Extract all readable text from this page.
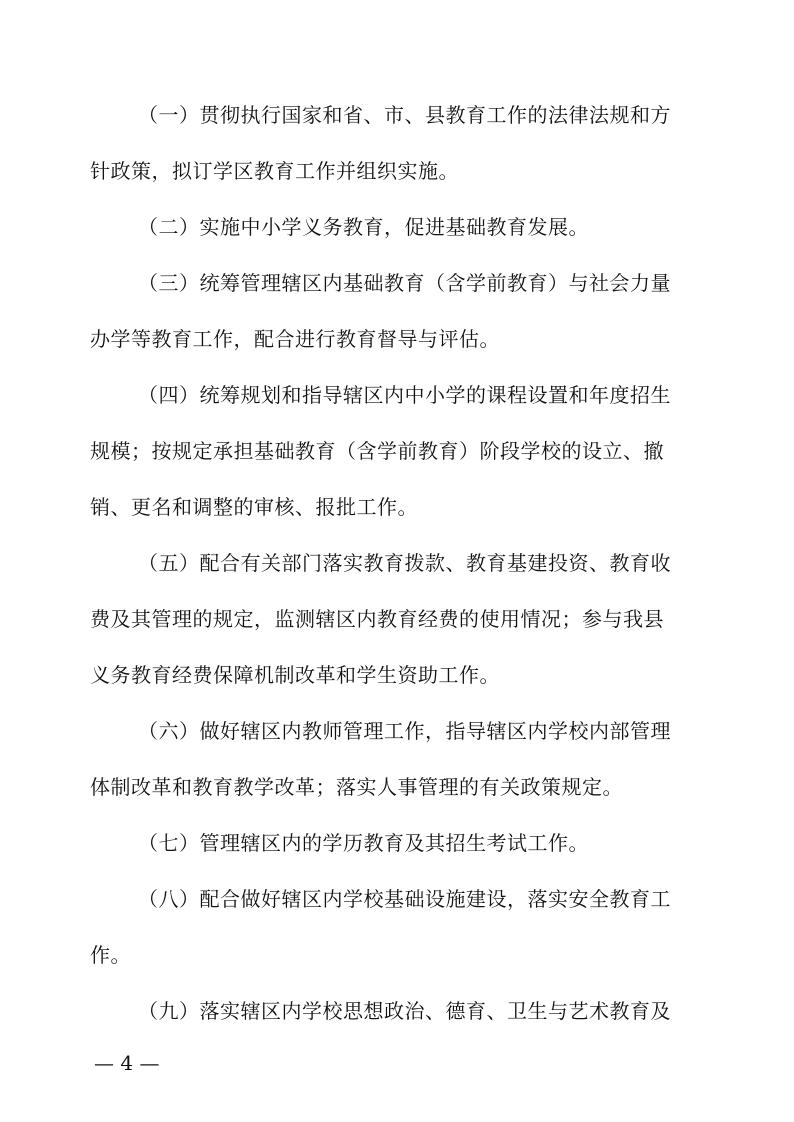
（一）贯彻执行国家和省、市、县教育工作的法律法规和方
针政策，拟订学区教育工作并组织实施。
（二）实施中小学义务教育，促进基础教育发展。
（三）统筹管理辖区内基础教育（含学前教育）与社会力量
办学等教育工作，配合进行教育督导与评估。
（四）统筹规划和指导辖区内中小学的课程设置和年度招生
规模；按规定承担基础教育（含学前教育）阶段学校的设立、撤
销、更名和调整的审核、报批工作。
（五）配合有关部门落实教育拨款、教育基建投资、教育收
费及其管理的规定，监测辖区内教育经费的使用情况；参与我县
义务教育经费保障机制改革和学生资助工作。
（六）做好辖区内教师管理工作，指导辖区内学校内部管理
体制改革和教育教学改革；落实人事管理的有关政策规定。
（七）管理辖区内的学历教育及其招生考试工作。
（八）配合做好辖区内学校基础设施建设，落实安全教育工
作。
（九）落实辖区内学校思想政治、德育、卫生与艺术教育及
— 4 —
